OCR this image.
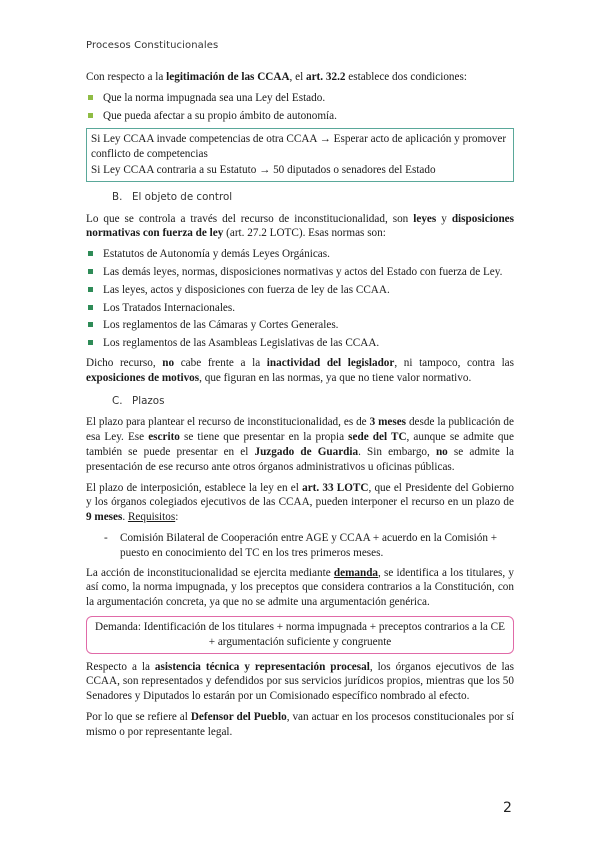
Procesos Constitucionales

Con respecto a la legitimación de las CCAA, el art. 32.2 establece dos condiciones:

Que la norma impugnada sea una Ley del Estado.
Que pueda afectar a su propio ámbito de autonomía.
Si Ley CCAA invade competencias de otra CCAA → Esperar acto de aplicación y promover conflicto de competencias
Si Ley CCAA contraria a su Estatuto → 50 diputados o senadores del Estado
B. El objeto de control

Lo que se controla a través del recurso de inconstitucionalidad, son leyes y disposiciones normativas con fuerza de ley (art. 27.2 LOTC). Esas normas son:

Estatutos de Autonomía y demás Leyes Orgánicas.
Las demás leyes, normas, disposiciones normativas y actos del Estado con fuerza de Ley.
Las leyes, actos y disposiciones con fuerza de ley de las CCAA.
Los Tratados Internacionales.
Los reglamentos de las Cámaras y Cortes Generales.
Los reglamentos de las Asambleas Legislativas de las CCAA.

Dicho recurso, no cabe frente a la inactividad del legislador, ni tampoco, contra las exposiciones de motivos, que figuran en las normas, ya que no tiene valor normativo.

C. Plazos

El plazo para plantear el recurso de inconstitucionalidad, es de 3 meses desde la publicación de esa Ley. Ese escrito se tiene que presentar en la propia sede del TC, aunque se admite que también se puede presentar en el Juzgado de Guardia. Sin embargo, no se admite la presentación de ese recurso ante otros órganos administrativos u oficinas públicas.

El plazo de interposición, establece la ley en el art. 33 LOTC, que el Presidente del Gobierno y los órganos colegiados ejecutivos de las CCAA, pueden interponer el recurso en un plazo de 9 meses. Requisitos:

- Comisión Bilateral de Cooperación entre AGE y CCAA + acuerdo en la Comisión + puesto en conocimiento del TC en los tres primeros meses.

La acción de inconstitucionalidad se ejercita mediante demanda, se identifica a los titulares, y así como, la norma impugnada, y los preceptos que considera contrarios a la Constitución, con la argumentación concreta, ya que no se admite una argumentación genérica.

Demanda: Identificación de los titulares + norma impugnada + preceptos contrarios a la CE + argumentación suficiente y congruente

Respecto a la asistencia técnica y representación procesal, los órganos ejecutivos de las CCAA, son representados y defendidos por sus servicios jurídicos propios, mientras que los 50 Senadores y Diputados lo estarán por un Comisionado específico nombrado al efecto.

Por lo que se refiere al Defensor del Pueblo, van actuar en los procesos constitucionales por sí mismo o por representante legal.

2
